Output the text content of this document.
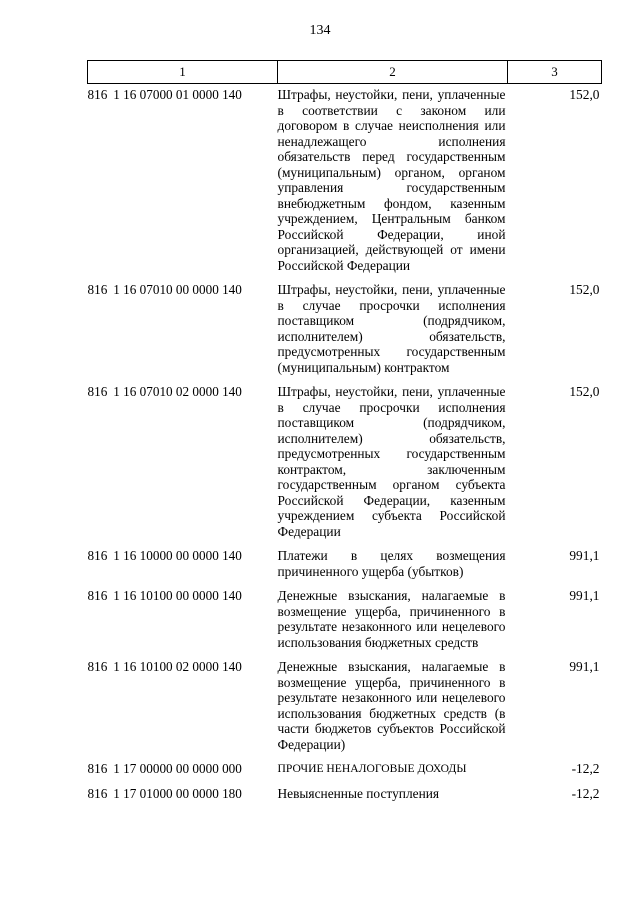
134
1	2	3
816 1 16 07000 01 0000 140	Штрафы, неустойки, пени, уплаченные в соответствии с законом или договором в случае неисполнения или ненадлежащего исполнения обязательств перед государственным (муниципальным) органом, органом управления государственным внебюджетным фондом, казенным учреждением, Центральным банком Российской Федерации, иной организацией, действующей от имени Российской Федерации	152,0
816 1 16 07010 00 0000 140	Штрафы, неустойки, пени, уплаченные в случае просрочки исполнения поставщиком (подрядчиком, исполнителем) обязательств, предусмотренных государственным (муниципальным) контрактом	152,0
816 1 16 07010 02 0000 140	Штрафы, неустойки, пени, уплаченные в случае просрочки исполнения поставщиком (подрядчиком, исполнителем) обязательств, предусмотренных государственным контрактом, заключенным государственным органом субъекта Российской Федерации, казенным учреждением субъекта Российской Федерации	152,0
816 1 16 10000 00 0000 140	Платежи в целях возмещения причиненного ущерба (убытков)	991,1
816 1 16 10100 00 0000 140	Денежные взыскания, налагаемые в возмещение ущерба, причиненного в результате незаконного или нецелевого использования бюджетных средств	991,1
816 1 16 10100 02 0000 140	Денежные взыскания, налагаемые в возмещение ущерба, причиненного в результате незаконного или нецелевого использования бюджетных средств (в части бюджетов субъектов Российской Федерации)	991,1
816 1 17 00000 00 0000 000	ПРОЧИЕ НЕНАЛОГОВЫЕ ДОХОДЫ	-12,2
816 1 17 01000 00 0000 180	Невыясненные поступления	-12,2
